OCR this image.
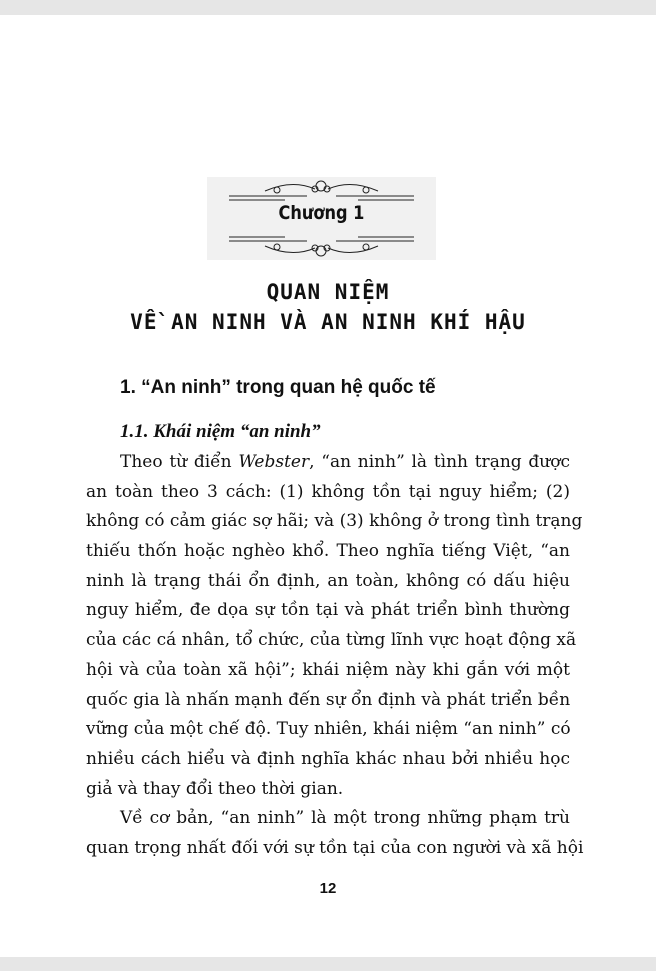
Chương 1
QUAN NIỆM
VỀ AN NINH VÀ AN NINH KHÍ HẬU
1. “An ninh” trong quan hệ quốc tế
1.1. Khái niệm “an ninh”
Theo từ điển Webster, “an ninh” là tình trạng được
an toàn theo 3 cách: (1) không tồn tại nguy hiểm; (2)
không có cảm giác sợ hãi; và (3) không ở trong tình trạng
thiếu thốn hoặc nghèo khổ. Theo nghĩa tiếng Việt, “an
ninh là trạng thái ổn định, an toàn, không có dấu hiệu
nguy hiểm, đe dọa sự tồn tại và phát triển bình thường
của các cá nhân, tổ chức, của từng lĩnh vực hoạt động xã
hội và của toàn xã hội”; khái niệm này khi gắn với một
quốc gia là nhấn mạnh đến sự ổn định và phát triển bền
vững của một chế độ. Tuy nhiên, khái niệm “an ninh” có
nhiều cách hiểu và định nghĩa khác nhau bởi nhiều học
giả và thay đổi theo thời gian.
Về cơ bản, “an ninh” là một trong những phạm trù
quan trọng nhất đối với sự tồn tại của con người và xã hội
12
